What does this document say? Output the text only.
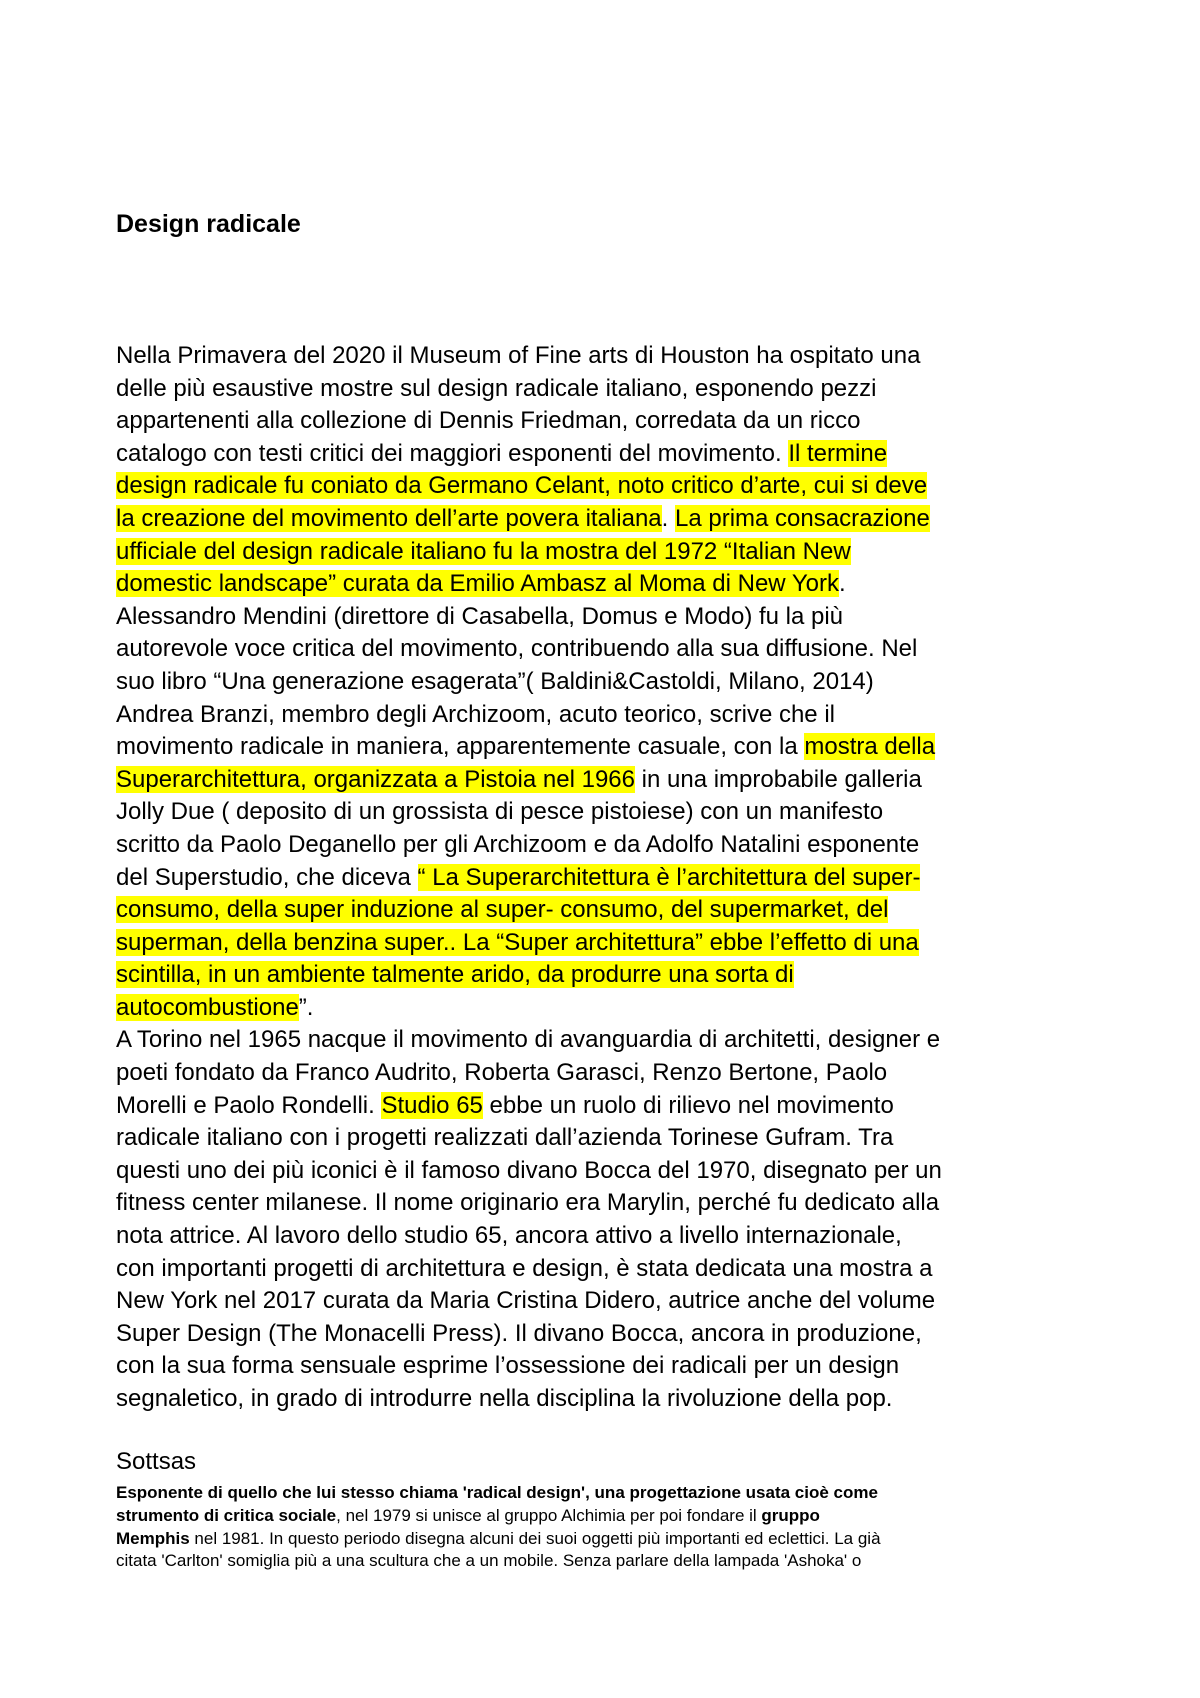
Design radicale
Nella Primavera del 2020 il Museum of Fine arts di Houston ha ospitato una
delle più esaustive mostre sul design radicale italiano, esponendo pezzi
appartenenti alla collezione di Dennis Friedman, corredata da un ricco
catalogo con testi critici dei maggiori esponenti del movimento. Il termine
design radicale fu coniato da Germano Celant, noto critico d’arte, cui si deve
la creazione del movimento dell’arte povera italiana. La prima consacrazione
ufficiale del design radicale italiano fu la mostra del 1972 “Italian New
domestic landscape” curata da Emilio Ambasz al Moma di New York.
Alessandro Mendini (direttore di Casabella, Domus e Modo) fu la più
autorevole voce critica del movimento, contribuendo alla sua diffusione. Nel
suo libro “Una generazione esagerata”( Baldini&Castoldi, Milano, 2014)
Andrea Branzi, membro degli Archizoom, acuto teorico, scrive che il
movimento radicale in maniera, apparentemente casuale, con la mostra della
Superarchitettura, organizzata a Pistoia nel 1966 in una improbabile galleria
Jolly Due ( deposito di un grossista di pesce pistoiese) con un manifesto
scritto da Paolo Deganello per gli Archizoom e da Adolfo Natalini esponente
del Superstudio, che diceva “ La Superarchitettura è l’architettura del super-
consumo, della super induzione al super- consumo, del supermarket, del
superman, della benzina super.. La “Super architettura” ebbe l’effetto di una
scintilla, in un ambiente talmente arido, da produrre una sorta di
autocombustione”.
A Torino nel 1965 nacque il movimento di avanguardia di architetti, designer e
poeti fondato da Franco Audrito, Roberta Garasci, Renzo Bertone, Paolo
Morelli e Paolo Rondelli. Studio 65 ebbe un ruolo di rilievo nel movimento
radicale italiano con i progetti realizzati dall’azienda Torinese Gufram. Tra
questi uno dei più iconici è il famoso divano Bocca del 1970, disegnato per un
fitness center milanese. Il nome originario era Marylin, perché fu dedicato alla
nota attrice. Al lavoro dello studio 65, ancora attivo a livello internazionale,
con importanti progetti di architettura e design, è stata dedicata una mostra a
New York nel 2017 curata da Maria Cristina Didero, autrice anche del volume
Super Design (The Monacelli Press). Il divano Bocca, ancora in produzione,
con la sua forma sensuale esprime l’ossessione dei radicali per un design
segnaletico, in grado di introdurre nella disciplina la rivoluzione della pop.
Sottsas
Esponente di quello che lui stesso chiama 'radical design', una progettazione usata cioè come
strumento di critica sociale, nel 1979 si unisce al gruppo Alchimia per poi fondare il gruppo
Memphis nel 1981. In questo periodo disegna alcuni dei suoi oggetti più importanti ed eclettici. La già
citata 'Carlton' somiglia più a una scultura che a un mobile. Senza parlare della lampada 'Ashoka' o
